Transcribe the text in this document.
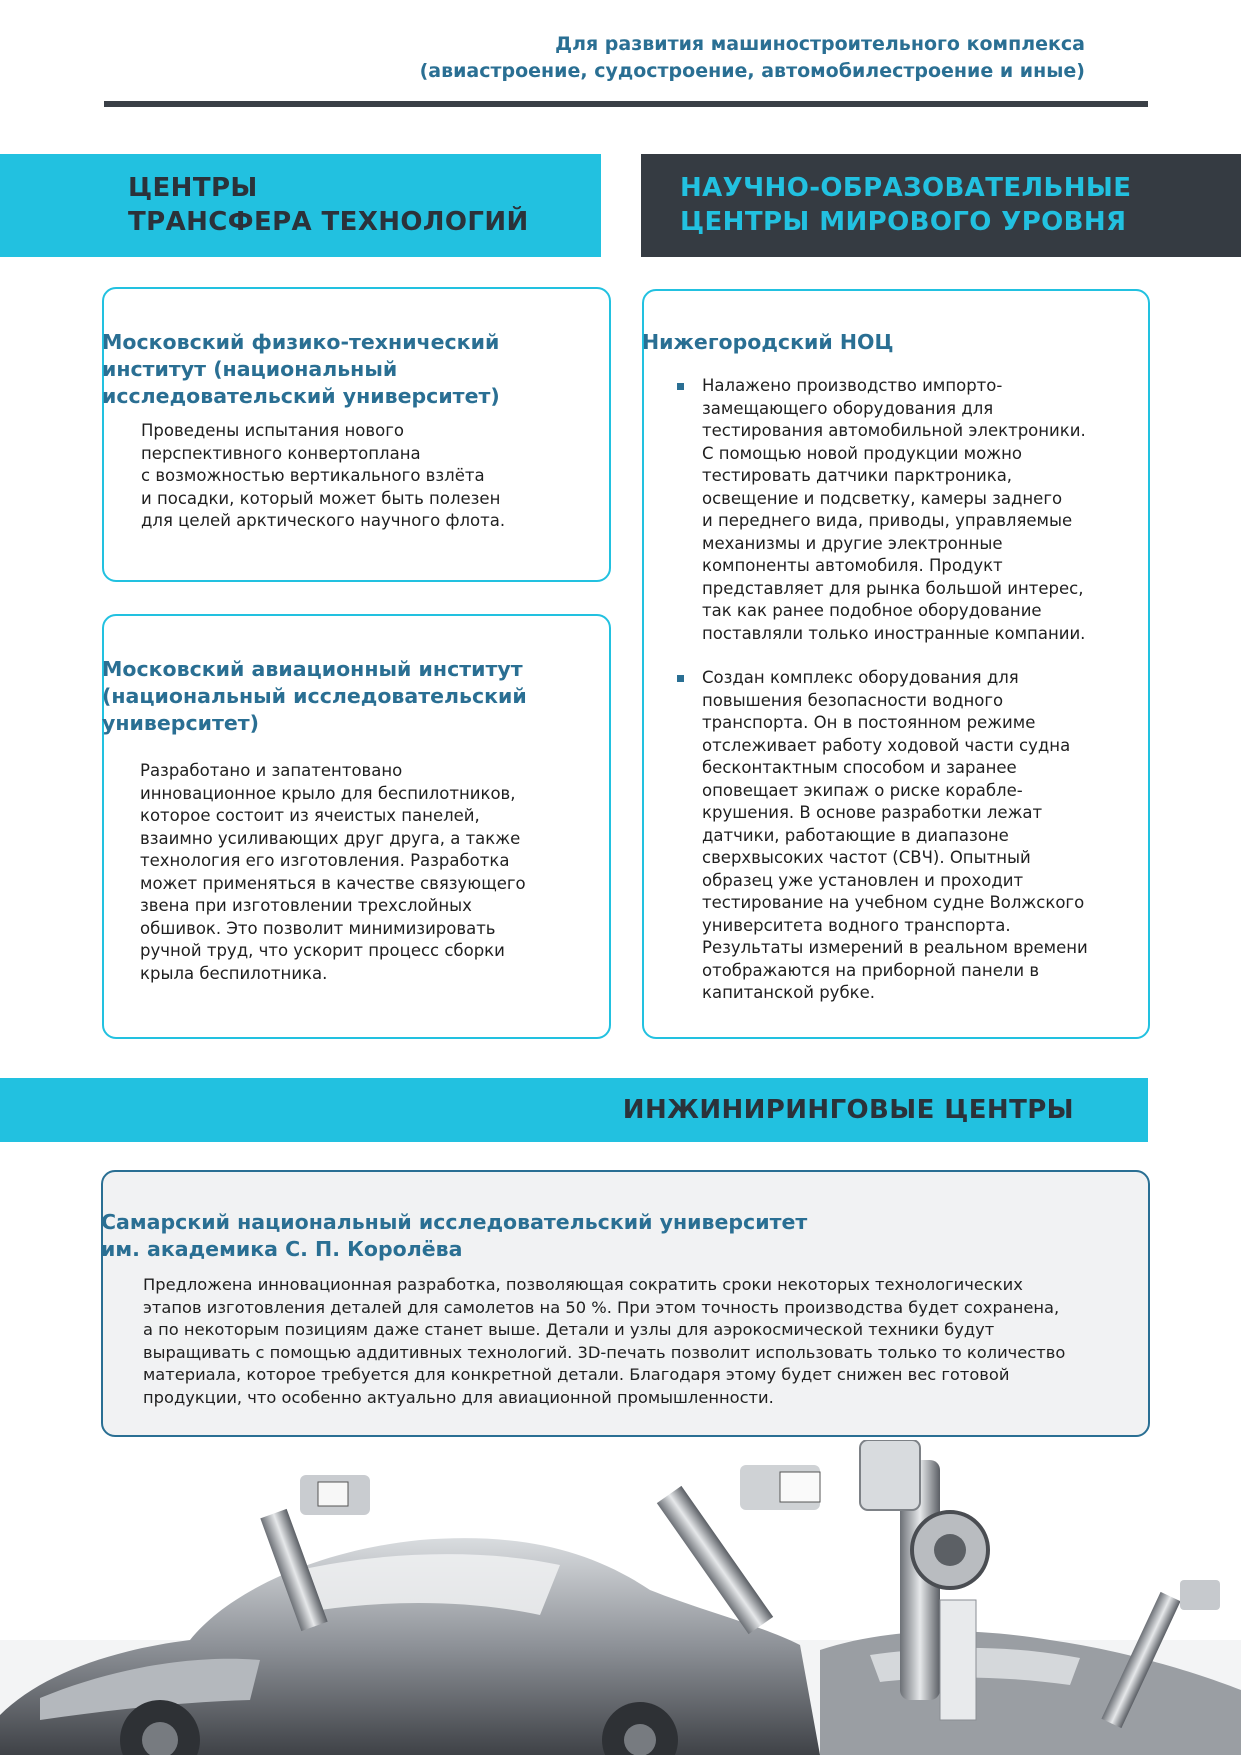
Для развития машиностроительного комплекса
(авиастроение, судостроение, автомобилестроение и иные)
ЦЕНТРЫ
ТРАНСФЕРА ТЕХНОЛОГИЙ
НАУЧНО-ОБРАЗОВАТЕЛЬНЫЕ
ЦЕНТРЫ МИРОВОГО УРОВНЯ
Московский физико-технический
институт (национальный
исследовательский университет)

Проведены испытания нового

перспективного конвертоплана

с возможностью вертикального взлёта

и посадки, который может быть полезен

для целей арктического научного флота.

Московский авиационный институт
(национальный исследовательский
университет)

Разработано и запатентовано

инновационное крыло для беспилотников,

которое состоит из ячеистых панелей,

взаимно усиливающих друг друга, а также

технология его изготовления. Разработка

может применяться в качестве связующего

звена при изготовлении трехслойных

обшивок. Это позволит минимизировать

ручной труд, что ускорит процесс сборки

крыла беспилотника.

Нижегородский НОЦ

Налажено производство импорто-

замещающего оборудования для

тестирования автомобильной электроники.

С помощью новой продукции можно

тестировать датчики парктроника,

освещение и подсветку, камеры заднего

и переднего вида, приводы, управляемые

механизмы и другие электронные

компоненты автомобиля. Продукт

представляет для рынка большой интерес,

так как ранее подобное оборудование

поставляли только иностранные компании.

Создан комплекс оборудования для

повышения безопасности водного

транспорта. Он в постоянном режиме

отслеживает работу ходовой части судна

бесконтактным способом и заранее

оповещает экипаж о риске корабле-

крушения. В основе разработки лежат

датчики, работающие в диапазоне

сверхвысоких частот (СВЧ). Опытный

образец уже установлен и проходит

тестирование на учебном судне Волжского

университета водного транспорта.

Результаты измерений в реальном времени

отображаются на приборной панели в

капитанской рубке.

ИНЖИНИРИНГОВЫЕ ЦЕНТРЫ
Самарский национальный исследовательский университет
им. академика С. П. Королёва

Предложена инновационная разработка, позволяющая сократить сроки некоторых технологических

этапов изготовления деталей для самолетов на 50 %. При этом точность производства будет сохранена,

а по некоторым позициям даже станет выше. Детали и узлы для аэрокосмической техники будут

выращивать с помощью аддитивных технологий. 3D-печать позволит использовать только то количество

материала, которое требуется для конкретной детали. Благодаря этому будет снижен вес готовой

продукции, что особенно актуально для авиационной промышленности.
